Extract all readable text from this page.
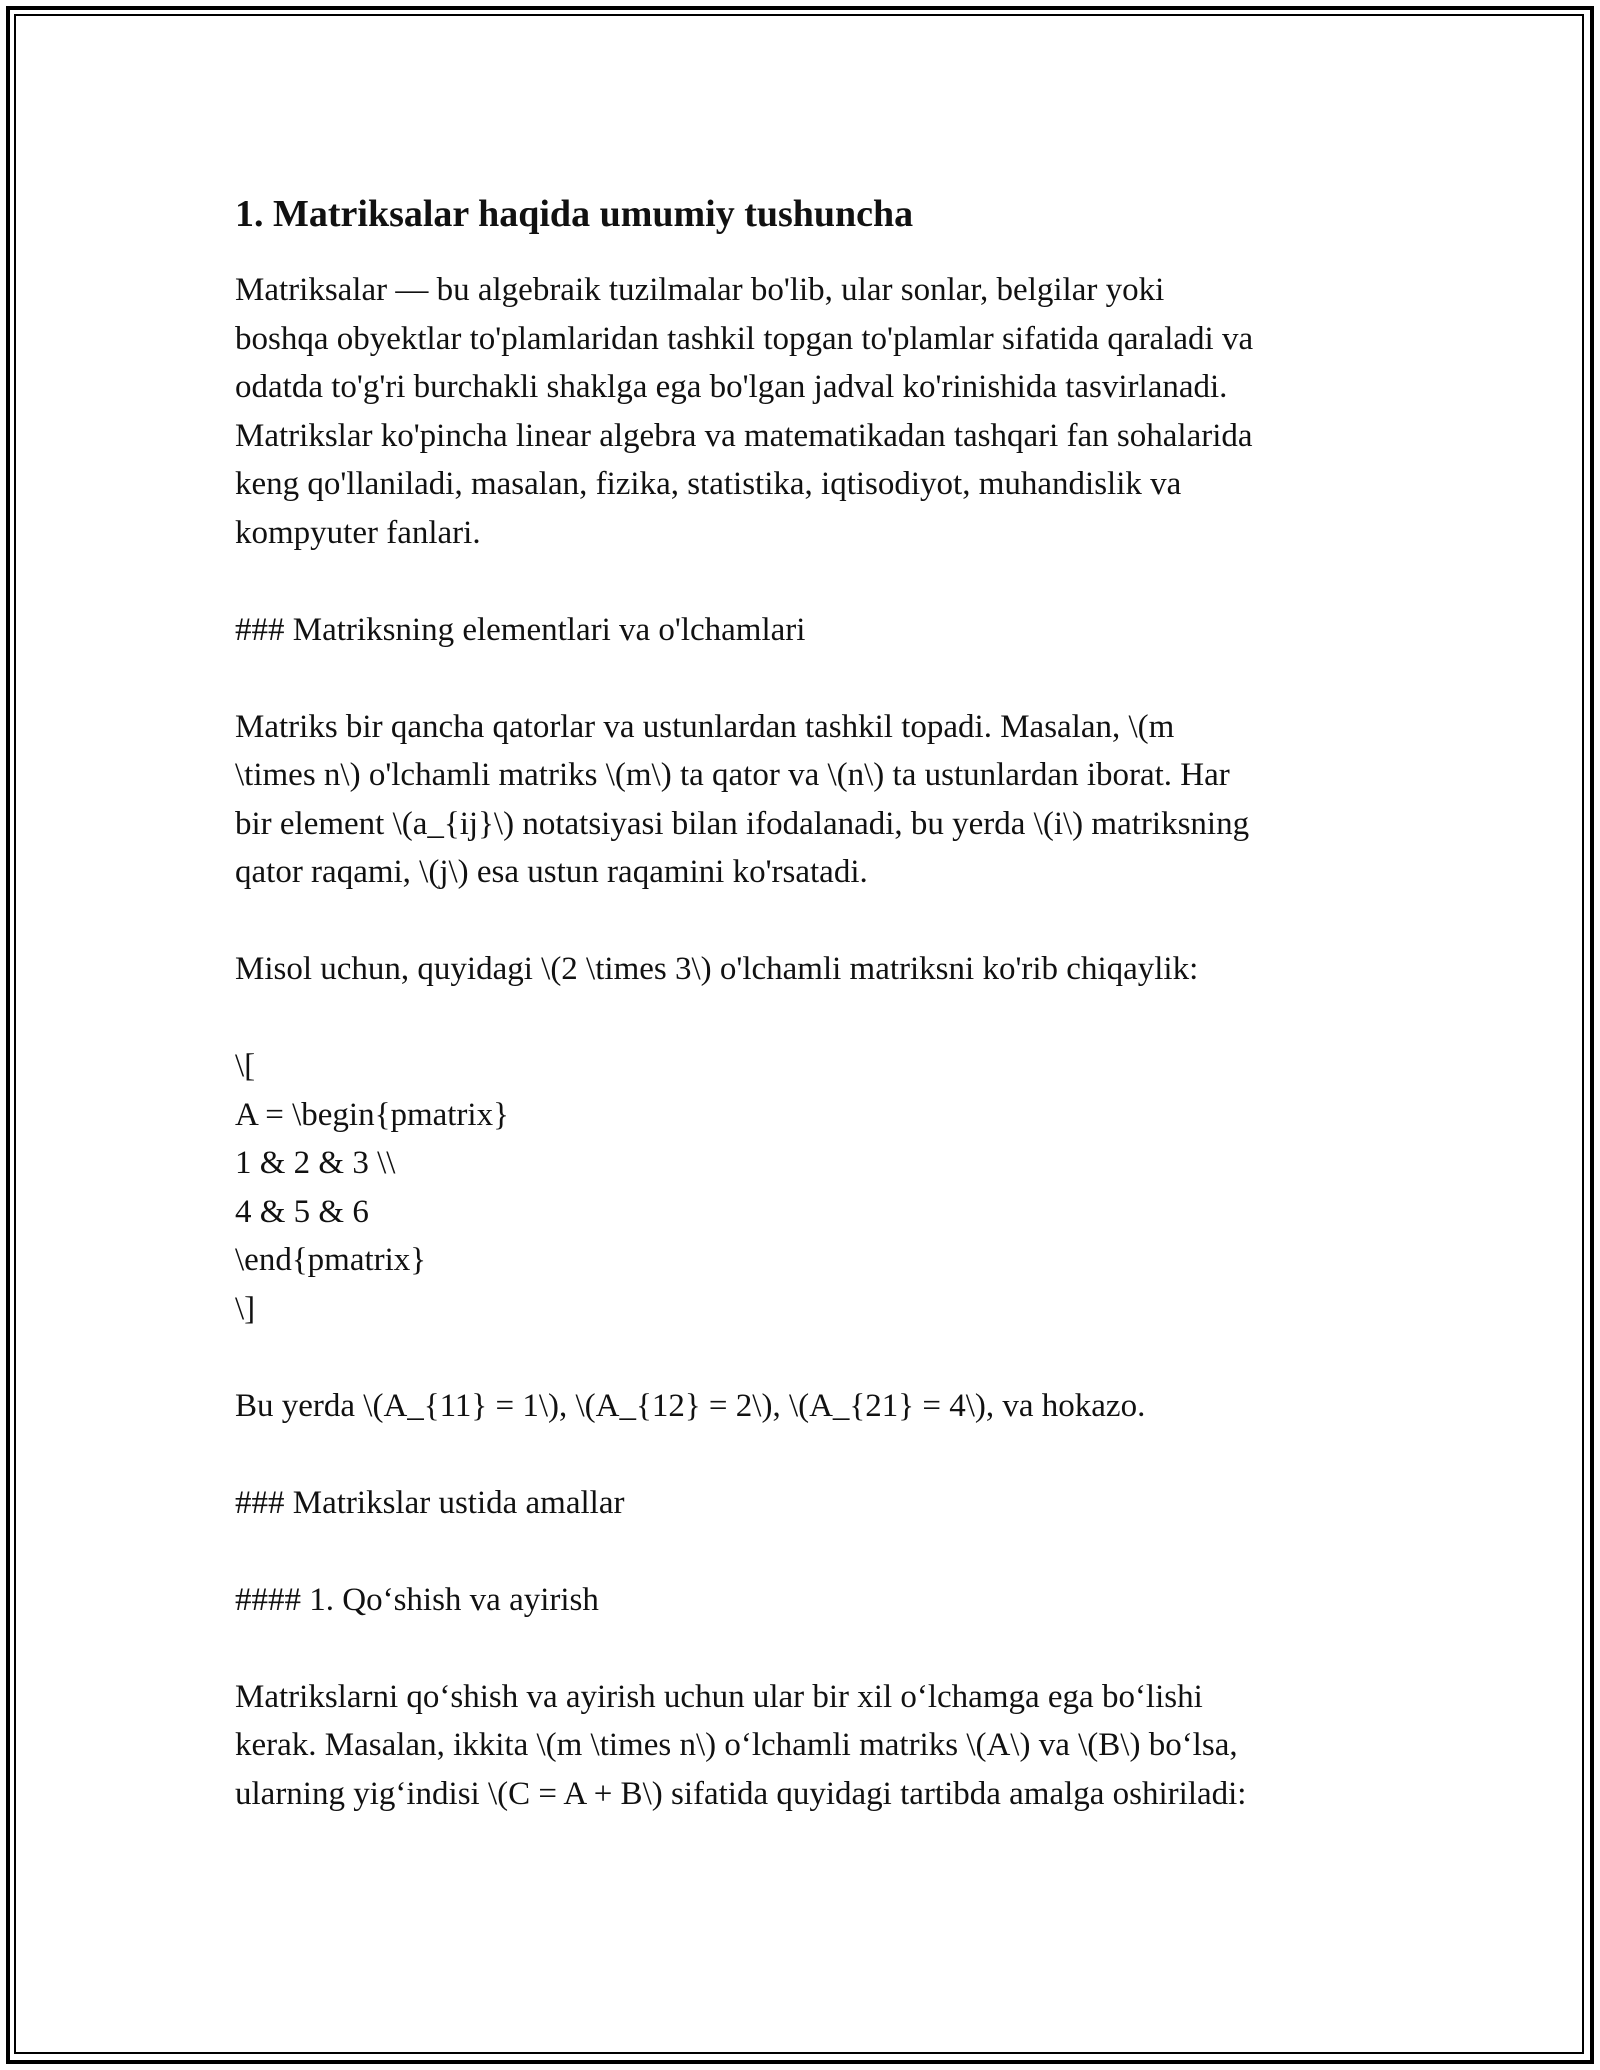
1. Matriksalar haqida umumiy tushuncha
Matriksalar — bu algebraik tuzilmalar bo'lib, ular sonlar, belgilar yoki
boshqa obyektlar to'plamlaridan tashkil topgan to'plamlar sifatida qaraladi va
odatda to'g'ri burchakli shaklga ega bo'lgan jadval ko'rinishida tasvirlanadi.
Matrikslar ko'pincha linear algebra va matematikadan tashqari fan sohalarida
keng qo'llaniladi, masalan, fizika, statistika, iqtisodiyot, muhandislik va
kompyuter fanlari.
### Matriksning elementlari va o'lchamlari
Matriks bir qancha qatorlar va ustunlardan tashkil topadi. Masalan, \(m
\times n\) o'lchamli matriks \(m\) ta qator va \(n\) ta ustunlardan iborat. Har
bir element \(a_{ij}\) notatsiyasi bilan ifodalanadi, bu yerda \(i\) matriksning
qator raqami, \(j\) esa ustun raqamini ko'rsatadi.
Misol uchun, quyidagi \(2 \times 3\) o'lchamli matriksni ko'rib chiqaylik:
\[
A = \begin{pmatrix}
1 & 2 & 3 \\
4 & 5 & 6
\end{pmatrix}
\]
Bu yerda \(A_{11} = 1\), \(A_{12} = 2\), \(A_{21} = 4\), va hokazo.
### Matrikslar ustida amallar
#### 1. Qo‘shish va ayirish
Matrikslarni qo‘shish va ayirish uchun ular bir xil o‘lchamga ega bo‘lishi
kerak. Masalan, ikkita \(m \times n\) o‘lchamli matriks \(A\) va \(B\) bo‘lsa,
ularning yig‘indisi \(C = A + B\) sifatida quyidagi tartibda amalga oshiriladi:
